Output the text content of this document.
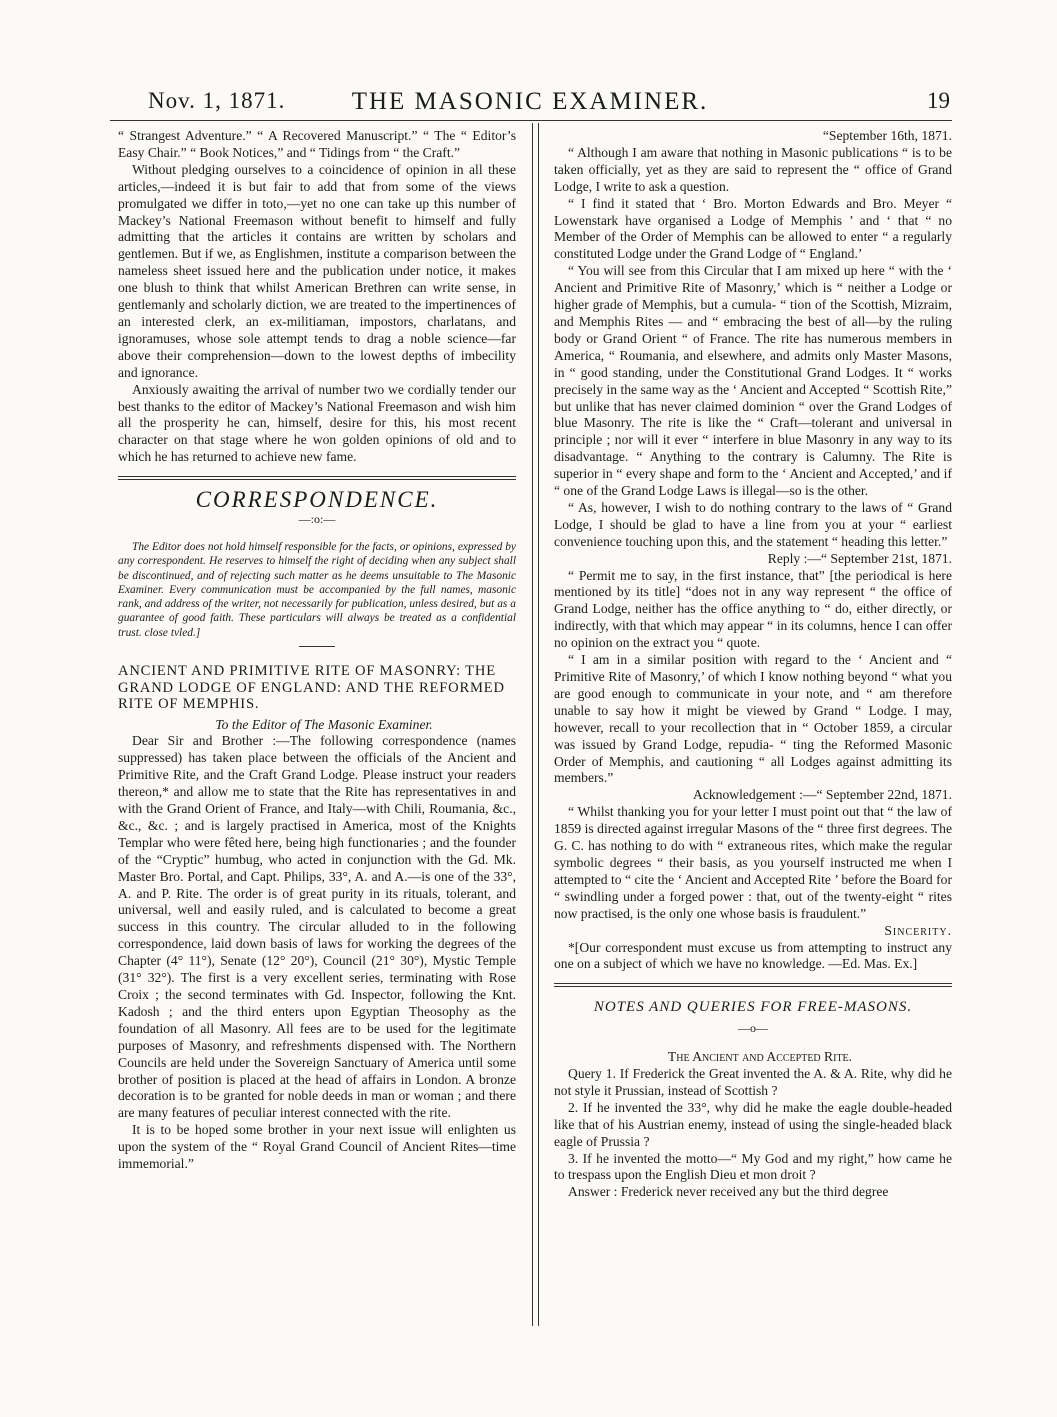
Nov. 1, 1871.	THE MASONIC EXAMINER.	19

“ Strangest Adventure.” “ A Recovered Manuscript.” “ The “ Editor’s Easy Chair.” “ Book Notices,” and “ Tidings from “ the Craft.”

Without pledging ourselves to a coincidence of opinion in all these articles,—indeed it is but fair to add that from some of the views promulgated we differ in toto,—yet no one can take up this number of Mackey’s National Freemason without benefit to himself and fully admitting that the articles it contains are written by scholars and gentlemen. But if we, as Englishmen, institute a comparison between the nameless sheet issued here and the publication under notice, it makes one blush to think that whilst American Brethren can write sense, in gentlemanly and scholarly diction, we are treated to the impertinences of an interested clerk, an ex-militiaman, impostors, charlatans, and ignoramuses, whose sole attempt tends to drag a noble science—far above their comprehension—down to the lowest depths of imbecility and ignorance.

Anxiously awaiting the arrival of number two we cordially tender our best thanks to the editor of Mackey’s National Freemason and wish him all the prosperity he can, himself, desire for this, his most recent character on that stage where he won golden opinions of old and to which he has returned to achieve new fame.

CORRESPONDENCE.
—:o:—

The Editor does not hold himself responsible for the facts, or opinions, expressed by any correspondent. He reserves to himself the right of deciding when any subject shall be discontinued, and of rejecting such matter as he deems unsuitable to The Masonic Examiner. Every communication must be accompanied by the full names, masonic rank, and address of the writer, not necessarily for publication, unless desired, but as a guarantee of good faith. These particulars will always be treated as a confidential trust. close tvled.]

ANCIENT AND PRIMITIVE RITE OF MASONRY: THE GRAND LODGE OF ENGLAND: AND THE REFORMED RITE OF MEMPHIS.

To the Editor of The Masonic Examiner.

Dear Sir and Brother :—The following correspondence (names suppressed) has taken place between the officials of the Ancient and Primitive Rite, and the Craft Grand Lodge. Please instruct your readers thereon,* and allow me to state that the Rite has representatives in and with the Grand Orient of France, and Italy—with Chili, Roumania, &c., &c., &c. ; and is largely practised in America, most of the Knights Templar who were fêted here, being high functionaries ; and the founder of the “Cryptic” humbug, who acted in conjunction with the Gd. Mk. Master Bro. Portal, and Capt. Philips, 33°, A. and A.—is one of the 33°, A. and P. Rite. The order is of great purity in its rituals, tolerant, and universal, well and easily ruled, and is calculated to become a great success in this country. The circular alluded to in the following correspondence, laid down basis of laws for working the degrees of the Chapter (4° 11°), Senate (12° 20°), Council (21° 30°), Mystic Temple (31° 32°). The first is a very excellent series, terminating with Rose Croix ; the second terminates with Gd. Inspector, following the Knt. Kadosh ; and the third enters upon Egyptian Theosophy as the foundation of all Masonry. All fees are to be used for the legitimate purposes of Masonry, and refreshments dispensed with. The Northern Councils are held under the Sovereign Sanctuary of America until some brother of position is placed at the head of affairs in London. A bronze decoration is to be granted for noble deeds in man or woman ; and there are many features of peculiar interest connected with the rite.

It is to be hoped some brother in your next issue will enlighten us upon the system of the “ Royal Grand Council of Ancient Rites—time immemorial.”

“September 16th, 1871.

“ Although I am aware that nothing in Masonic publications “ is to be taken officially, yet as they are said to represent the “ office of Grand Lodge, I write to ask a question.

“ I find it stated that ‘ Bro. Morton Edwards and Bro. Meyer “ Lowenstark have organised a Lodge of Memphis ’ and ‘ that “ no Member of the Order of Memphis can be allowed to enter “ a regularly constituted Lodge under the Grand Lodge of “ England.’

“ You will see from this Circular that I am mixed up here “ with the ‘ Ancient and Primitive Rite of Masonry,’ which is “ neither a Lodge or higher grade of Memphis, but a cumula- “ tion of the Scottish, Mizraim, and Memphis Rites — and “ embracing the best of all—by the ruling body or Grand Orient “ of France. The rite has numerous members in America, “ Roumania, and elsewhere, and admits only Master Masons, in “ good standing, under the Constitutional Grand Lodges. It “ works precisely in the same way as the ‘ Ancient and Accepted “ Scottish Rite,” but unlike that has never claimed dominion “ over the Grand Lodges of blue Masonry. The rite is like the “ Craft—tolerant and universal in principle ; nor will it ever “ interfere in blue Masonry in any way to its disadvantage. “ Anything to the contrary is Calumny. The Rite is superior in “ every shape and form to the ‘ Ancient and Accepted,’ and if “ one of the Grand Lodge Laws is illegal—so is the other.

“ As, however, I wish to do nothing contrary to the laws of “ Grand Lodge, I should be glad to have a line from you at your “ earliest convenience touching upon this, and the statement “ heading this letter.”

Reply :—“ September 21st, 1871.

“ Permit me to say, in the first instance, that” [the periodical is here mentioned by its title] “does not in any way represent “ the office of Grand Lodge, neither has the office anything to “ do, either directly, or indirectly, with that which may appear “ in its columns, hence I can offer no opinion on the extract you “ quote.

“ I am in a similar position with regard to the ‘ Ancient and “ Primitive Rite of Masonry,’ of which I know nothing beyond “ what you are good enough to communicate in your note, and “ am therefore unable to say how it might be viewed by Grand “ Lodge. I may, however, recall to your recollection that in “ October 1859, a circular was issued by Grand Lodge, repudia- “ ting the Reformed Masonic Order of Memphis, and cautioning “ all Lodges against admitting its members.”

Acknowledgement :—“ September 22nd, 1871.

“ Whilst thanking you for your letter I must point out that “ the law of 1859 is directed against irregular Masons of the “ three first degrees. The G. C. has nothing to do with “ extraneous rites, which make the regular symbolic degrees “ their basis, as you yourself instructed me when I attempted to “ cite the ‘ Ancient and Accepted Rite ’ before the Board for “ swindling under a forged power : that, out of the twenty-eight “ rites now practised, is the only one whose basis is fraudulent.”

Sincerity.

*[Our correspondent must excuse us from attempting to instruct any one on a subject of which we have no knowledge. —Ed. Mas. Ex.]

NOTES AND QUERIES FOR FREE-MASONS.
—o—

The Ancient and Accepted Rite.

Query 1. If Frederick the Great invented the A. & A. Rite, why did he not style it Prussian, instead of Scottish ?

2. If he invented the 33°, why did he make the eagle double-headed like that of his Austrian enemy, instead of using the single-headed black eagle of Prussia ?

3. If he invented the motto—“ My God and my right,” how came he to trespass upon the English Dieu et mon droit ?

Answer : Frederick never received any but the third degree
